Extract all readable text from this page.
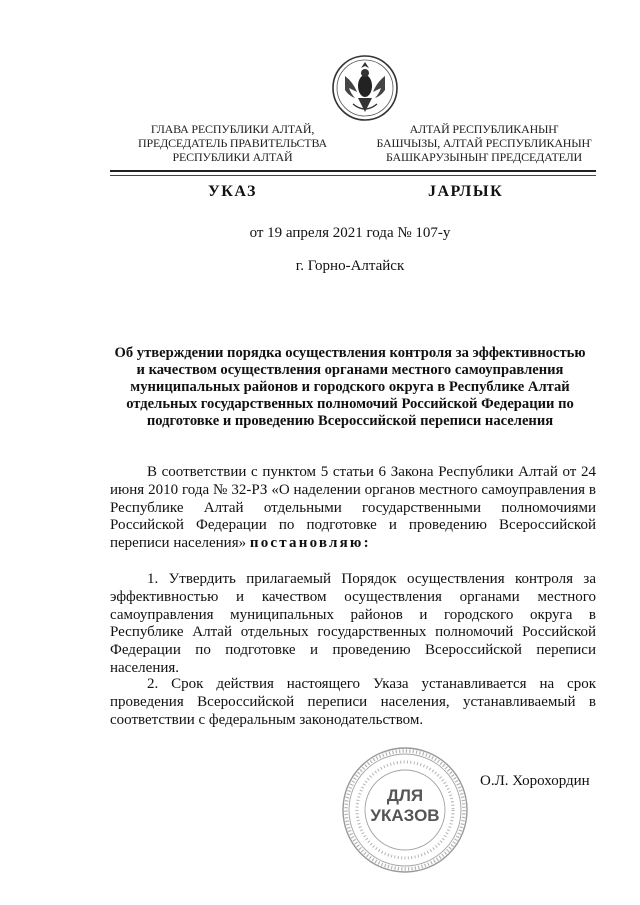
ГЛАВА РЕСПУБЛИКИ АЛТАЙ,
ПРЕДСЕДАТЕЛЬ ПРАВИТЕЛЬСТВА
РЕСПУБЛИКИ АЛТАЙ
АЛТАЙ РЕСПУБЛИКАНЫҤ
БАШЧЫЗЫ, АЛТАЙ РЕСПУБЛИКАНЫҤ
БАШКАРУЗЫНЫҤ ПРЕДСЕДАТЕЛИ
УКАЗ	JАРЛЫК
от 19 апреля 2021 года № 107-у
г. Горно-Алтайск
Об утверждении порядка осуществления контроля за эффективностью
и качеством осуществления органами местного самоуправления
муниципальных районов и городского округа в Республике Алтай
отдельных государственных полномочий Российской Федерации по
подготовке и проведению Всероссийской переписи населения
В соответствии с пунктом 5 статьи 6 Закона Республики Алтай от 24 июня 2010 года № 32-РЗ «О наделении органов местного самоуправления в Республике Алтай отдельными государственными полномочиями Российской Федерации по подготовке и проведению Всероссийской переписи населения» постановляю:
1. Утвердить прилагаемый Порядок осуществления контроля за эффективностью и качеством осуществления органами местного самоуправления муниципальных районов и городского округа в Республике Алтай отдельных государственных полномочий Российской Федерации по подготовке и проведению Всероссийской переписи населения.
2. Срок действия настоящего Указа устанавливается на срок проведения Всероссийской переписи населения, устанавливаемый в соответствии с федеральным законодательством.
ДЛЯ
УКАЗОВ
О.Л. Хорохордин
